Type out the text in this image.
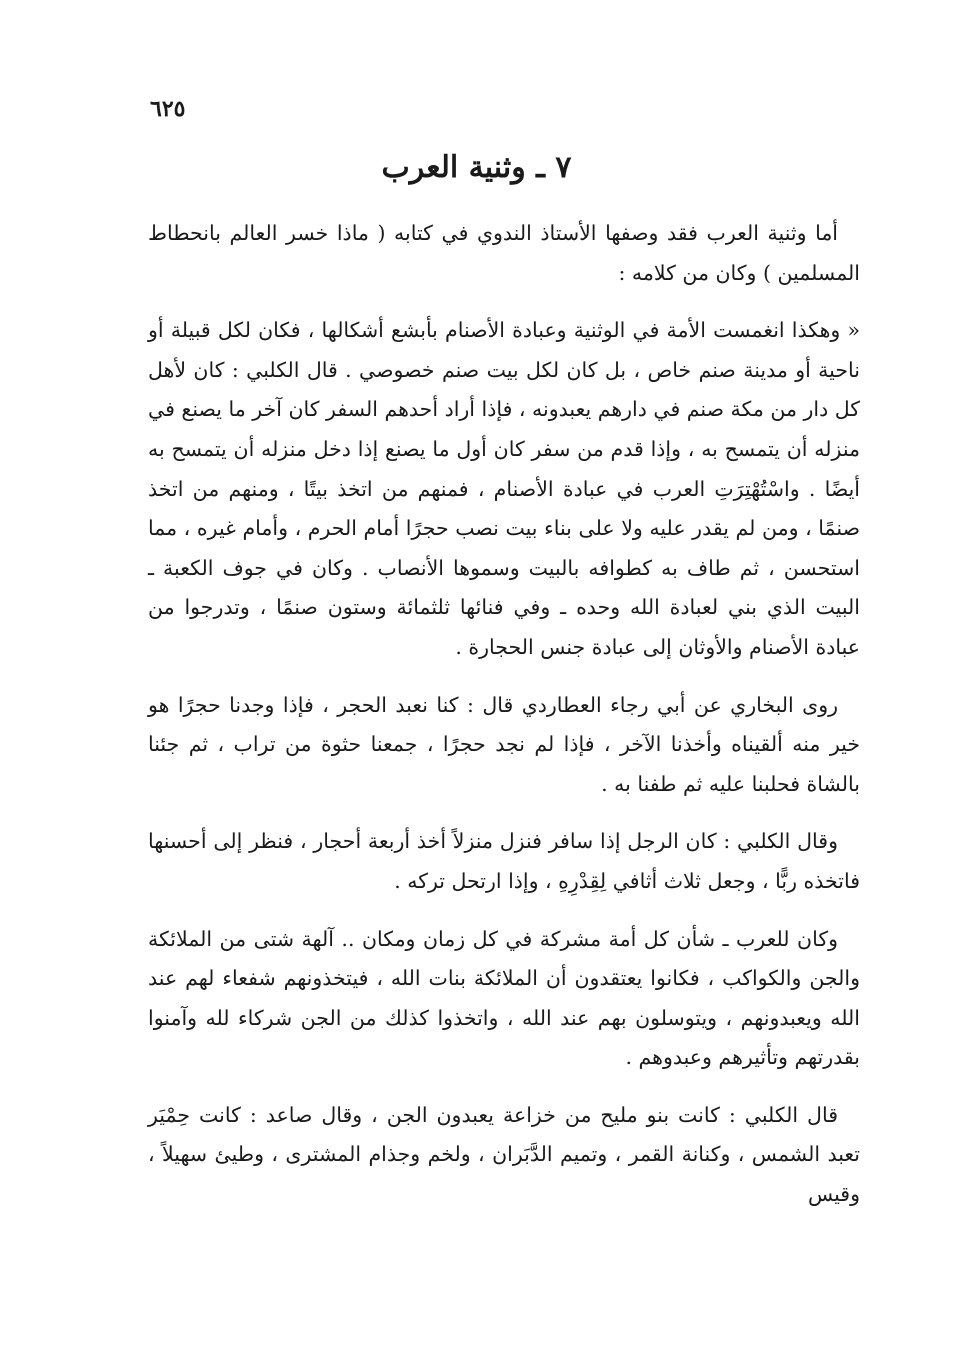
٦٢٥
٧ ـ وثنية العرب

أما وثنية العرب فقد وصفها الأستاذ الندوي في كتابه ( ماذا خسر العالم بانحطاط المسلمين ) وكان من كلامه :

« وهكذا انغمست الأمة في الوثنية وعبادة الأصنام بأبشع أشكالها ، فكان لكل قبيلة أو ناحية أو مدينة صنم خاص ، بل كان لكل بيت صنم خصوصي . قال الكلبي : كان لأهل كل دار من مكة صنم في دارهم يعبدونه ، فإذا أراد أحدهم السفر كان آخر ما يصنع في منزله أن يتمسح به ، وإذا قدم من سفر كان أول ما يصنع إذا دخل منزله أن يتمسح به أيضًا . واسْتُهْتِرَتِ العرب في عبادة الأصنام ، فمنهم من اتخذ بيتًا ، ومنهم من اتخذ صنمًا ، ومن لم يقدر عليه ولا على بناء بيت نصب حجرًا أمام الحرم ، وأمام غيره ، مما استحسن ، ثم طاف به كطوافه بالبيت وسموها الأنصاب . وكان في جوف الكعبة ـ البيت الذي بني لعبادة الله وحده ـ وفي فنائها ثلثمائة وستون صنمًا ، وتدرجوا من عبادة الأصنام والأوثان إلى عبادة جنس الحجارة .

روى البخاري عن أبي رجاء العطاردي قال : كنا نعبد الحجر ، فإذا وجدنا حجرًا هو خير منه ألقيناه وأخذنا الآخر ، فإذا لم نجد حجرًا ، جمعنا حثوة من تراب ، ثم جئنا بالشاة فحلبنا عليه ثم طفنا به .

وقال الكلبي : كان الرجل إذا سافر فنزل منزلاً أخذ أربعة أحجار ، فنظر إلى أحسنها فاتخذه ربًّا ، وجعل ثلاث أثافي لِقِدْرِهِ ، وإذا ارتحل تركه .

وكان للعرب ـ شأن كل أمة مشركة في كل زمان ومكان .. آلهة شتى من الملائكة والجن والكواكب ، فكانوا يعتقدون أن الملائكة بنات الله ، فيتخذونهم شفعاء لهم عند الله ويعبدونهم ، ويتوسلون بهم عند الله ، واتخذوا كذلك من الجن شركاء لله وآمنوا بقدرتهم وتأثيرهم وعبدوهم .

قال الكلبي : كانت بنو مليح من خزاعة يعبدون الجن ، وقال صاعد : كانت حِمْيَر تعبد الشمس ، وكنانة القمر ، وتميم الدَّبَران ، ولخم وجذام المشترى ، وطيئ سهيلاً ، وقيس
